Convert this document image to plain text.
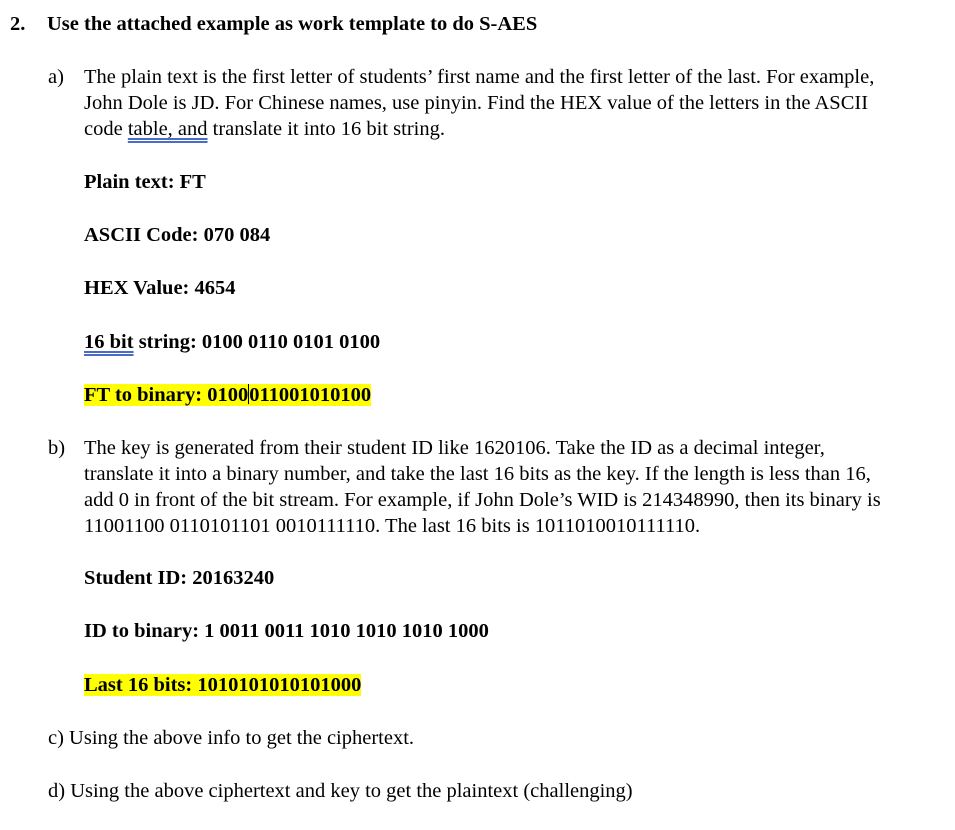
2. Use the attached example as work template to do S-AES
a) The plain text is the first letter of students’ first name and the first letter of the last. For example,
John Dole is JD. For Chinese names, use pinyin. Find the HEX value of the letters in the ASCII
code table, and translate it into 16 bit string.
Plain text: FT
ASCII Code: 070 084
HEX Value: 4654
16 bit string: 0100 0110 0101 0100
FT to binary: 0100011001010100
b) The key is generated from their student ID like 1620106. Take the ID as a decimal integer,
translate it into a binary number, and take the last 16 bits as the key. If the length is less than 16,
add 0 in front of the bit stream. For example, if John Dole’s WID is 214348990, then its binary is
11001100 0110101101 0010111110. The last 16 bits is 1011010010111110.
Student ID: 20163240
ID to binary: 1 0011 0011 1010 1010 1010 1000
Last 16 bits: 1010101010101000
c) Using the above info to get the ciphertext.
d) Using the above ciphertext and key to get the plaintext (challenging)
